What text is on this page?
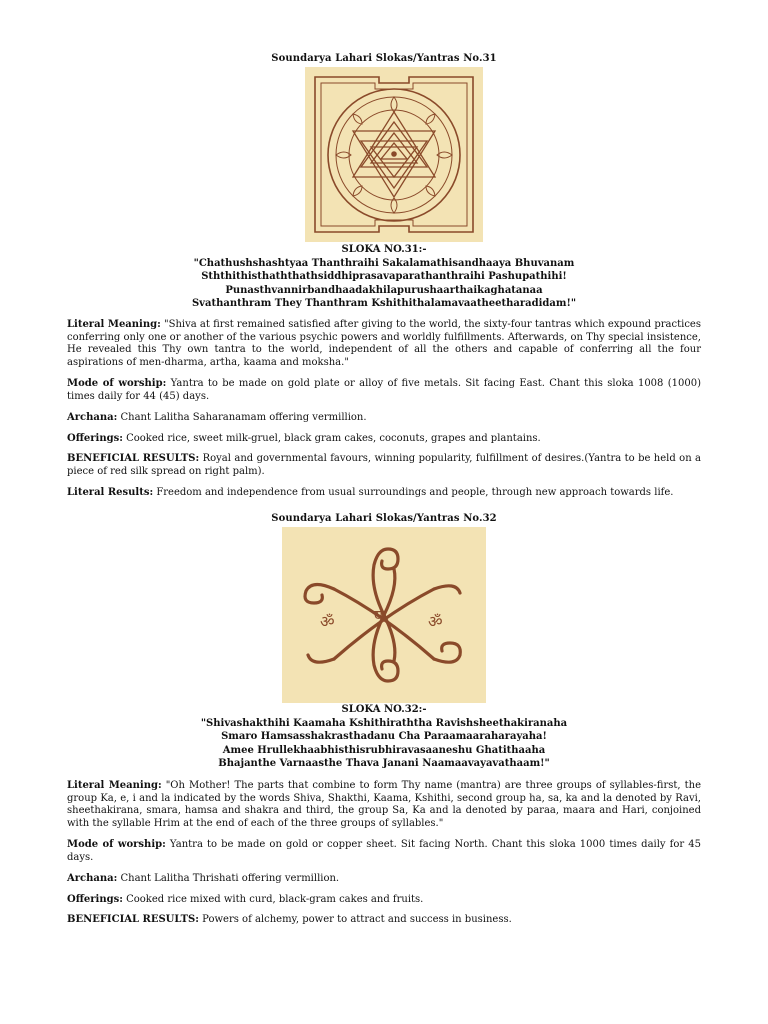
Soundarya Lahari Slokas/Yantras No.31
SLOKA NO.31:-
"Chathushshashtyaa Thanthraihi Sakalamathisandhaaya Bhuvanam
Sththithisthaththathsiddhiprasavaparathanthraihi Pashupathihi!
Punasthvannirbandhaadakhilapurushaarthaikaghatanaa
Svathanthram They Thanthram Kshithithalamavaatheetharadidam!"
Literal Meaning: "Shiva at first remained satisfied after giving to the world, the sixty-four tantras which expound practices conferring only one or another of the various psychic powers and worldly fulfillments. Afterwards, on Thy special insistence, He revealed this Thy own tantra to the world, independent of all the others and capable of conferring all the four aspirations of men-dharma, artha, kaama and moksha."
Mode of worship: Yantra to be made on gold plate or alloy of five metals. Sit facing East. Chant this sloka 1008 (1000) times daily for 44 (45) days.
Archana: Chant Lalitha Saharanamam offering vermillion.
Offerings: Cooked rice, sweet milk-gruel, black gram cakes, coconuts, grapes and plantains.
BENEFICIAL RESULTS: Royal and governmental favours, winning popularity, fulfillment of desires.(Yantra to be held on a piece of red silk spread on right palm).
Literal Results: Freedom and independence from usual surroundings and people, through new approach towards life.
Soundarya Lahari Slokas/Yantras No.32
ॐ यं	ॐ
SLOKA NO.32:-
"Shivashakthihi Kaamaha Kshithiraththa Ravishsheethakiranaha
Smaro Hamsasshakrasthadanu Cha Paraamaaraharayaha!
Amee Hrullekhaabhisthisrubhiravasaaneshu Ghatithaaha
Bhajanthe Varnaasthe Thava Janani Naamaavayavathaam!"
Literal Meaning: "Oh Mother! The parts that combine to form Thy name (mantra) are three groups of syllables-first, the group Ka, e, i and la indicated by the words Shiva, Shakthi, Kaama, Kshithi, second group ha, sa, ka and la denoted by Ravi, sheethakirana, smara, hamsa and shakra and third, the group Sa, Ka and la denoted by paraa, maara and Hari, conjoined with the syllable Hrim at the end of each of the three groups of syllables."
Mode of worship: Yantra to be made on gold or copper sheet. Sit facing North. Chant this sloka 1000 times daily for 45 days.
Archana: Chant Lalitha Thrishati offering vermillion.
Offerings: Cooked rice mixed with curd, black-gram cakes and fruits.
BENEFICIAL RESULTS: Powers of alchemy, power to attract and success in business.
